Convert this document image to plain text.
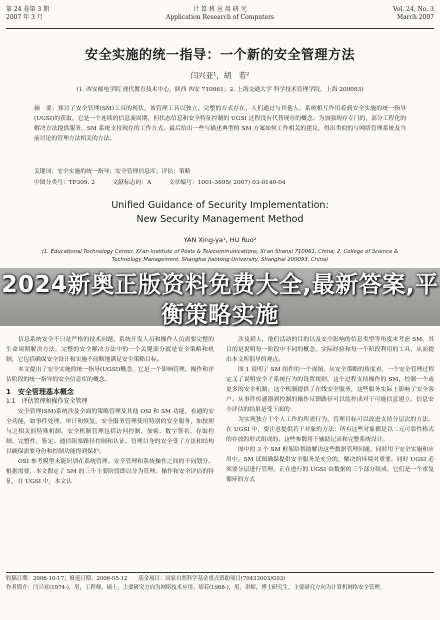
第 24 卷第 3 期
2007 年 3 月
计 算 机 应 用 研 究
Application Research of Computers
Vol. 24, No. 3
March 2007
安全实施的统一指导：一个新的安全管理方法
闫兴亚¹，胡　若²
(1. 西安邮电学院 现代教育技术中心，陕西 西安 710061；2. 上海交通大学 科学技术管理学院，上海 200093)
摘　要：探讨了安全管理(SM)工具的现状，该管理工具以独立、完整的方式存在，人们通过与其他人、系统相互作用着到安全实施的统一指导(UGSI)的获取，它是一个连续的信息流周期，但状态信息和安全特征控制的 UGSI 过程没有代替现存的概念。为加强现存专门的、部分工程化的解决方法提供服务，SM 系统支持现存的工作方式。最后给出一些与描述典型的 SM 方案如何工作相关的建议，得出类似的与网络管理系统及当前讨论的管理方法相关的方法。
关键词：安全实施的统一指导；安全管理信息库；评估；策略
中图分类号：TP309. 2　　　文献标志码：A　　　文章编号：1001-3695( 2007) 03-0140-04
Unified Guidance of Security Implementation:
New Security Management Method
YAN Xing-ya¹, HU Ruo²
(1. Educational Technology Center, Xi'an Institute of Posts & Telecommunications, Xi'an Shanxi 710061, China; 2. College of Science & Technology Management, Shanghai Jiaotong University, Shanghai 200093, China)
2024新奥正版资料免费大全,最新答案,平衡策略实施

信息系统安全不只是严格的技术问题，系统开发人员和操作人员需要完整的生命周期解决方法。完整的安全解决方法中的一个关键部分就是安全策略和机制，它包括确保安全设计和实施不间断地满足安全策略目标。

本文提出了安全实施的统一指导(UGSI)概念，它是一个影响管理、操作和评估阶段的统一指导的安全信息库的概念。

1　安全管理基本概念

1.1　评估管理和操作安全管理

安全管理(SM)系统涉及全面的策略管理及其他 OSI 和 SM 功能，看通的安全功能，如事件处理、审计和恢复。安全服务管理使用特别的安全服务，如按照与之相关的特殊机制。安全机制管理包括访问控制、加密、数字签名、存取控制、完整性、鉴定、通信阻塞路径控制和认证。管理目身的安全受了方法和结构以确保需要身份和控制功能得到保护。

OSI 参考模型未能识别在系统管理、安全管理和系统操作之间的不同划分。根据需要，本文假定了 SM 的三个主要阶段即以分为管理、操作和安全评估的特征，在 UGSI 中，本文认

涉及到人，他们活动的目的以及安全影响的信息类型等角度来考虑 SM。其目的是说明每一阶段中不同的概念，实际经验和每一个阶段利用的工具，从而提出本文所倡导的观点。

图 1 说明了 SM 组件的一个视图，从安全策略的角度看，一个安全管理过程定义了说明安全子系统行为的设置规则，这个过程支持操作的 SM，控制一个或更多的安全机制。这个机制提供了在线安全服务，这些服务实际上影响了安全客户。从事件传感器到控制的操作反馈路径可以监控成对于可能信息建立。信息安全评估的结果是受下面的：

为实现独立于个人工作的所需行为，管理目标可以改进支持分层次的方法。在 UGSI 中，要注意提供若干对象的方法：所有这些对象都是以二元可靠性格式的存放的形式组成的。这些参数用于辅助记录和完整系统设计。

图中的 3 个 SM 框架给帮助解决这些数据管理问题。同时用于安全实施和应用中。SM 试图确保提供安全服务是充分的，解决的环境对重要。同时 UGSI 必须要分层进行管理，正在进行的 UGSI 由数据的三个部分组成，它们是一个重复循环的方式

收稿日期：2006-10-17；修返日期：2006-05-12　　基金项目：国家自然科学基金重点资助项目(70433003/G03)
作者简介：闫兴亚(1974-)，男，工程师，硕士，主要研究方向为网络技术应用；胡若(1968-)，男，讲师，博士研究生，主要研究方向为计算机网络安全管理。
